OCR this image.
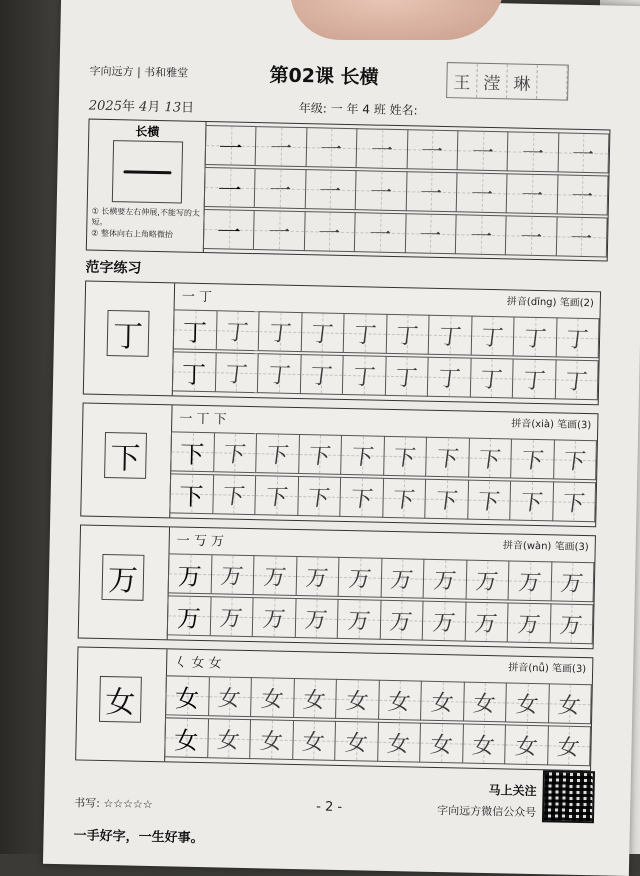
字向远方 | 书和雅堂	第02课 长横	王 滢 琳
2025年 4月 13日	年级: 一 年 4 班 姓名:
长横
① 长横要左右伸展,不能写的太短。
② 整体向右上角略微抬
一 一 一 一 一 一 一 一
一 一 一 一 一 一 一 一
一 一 一 一 一 一 一 一
范字练习
丁
一 丁	拼音(dīng) 笔画(2)
丁 丁 丁 丁 丁 丁 丁 丁 丁 丁
丁 丁 丁 丁 丁 丁 丁 丁 丁 丁
下
一 丅 下	拼音(xià) 笔画(3)
下 下 下 下 下 下 下 下 下 下
下 下 下 下 下 下 下 下 下 下
万
一 丂 万	拼音(wàn) 笔画(3)
万 万 万 万 万 万 万 万 万 万
万 万 万 万 万 万 万 万 万 万
女
𡿨 女 女	拼音(nǚ) 笔画(3)
女 女 女 女 女 女 女 女 女 女
女 女 女 女 女 女 女 女 女 女
书写: ☆☆☆☆☆	- 2 -
马上关注
字向远方微信公众号
一手好字，一生好事。
